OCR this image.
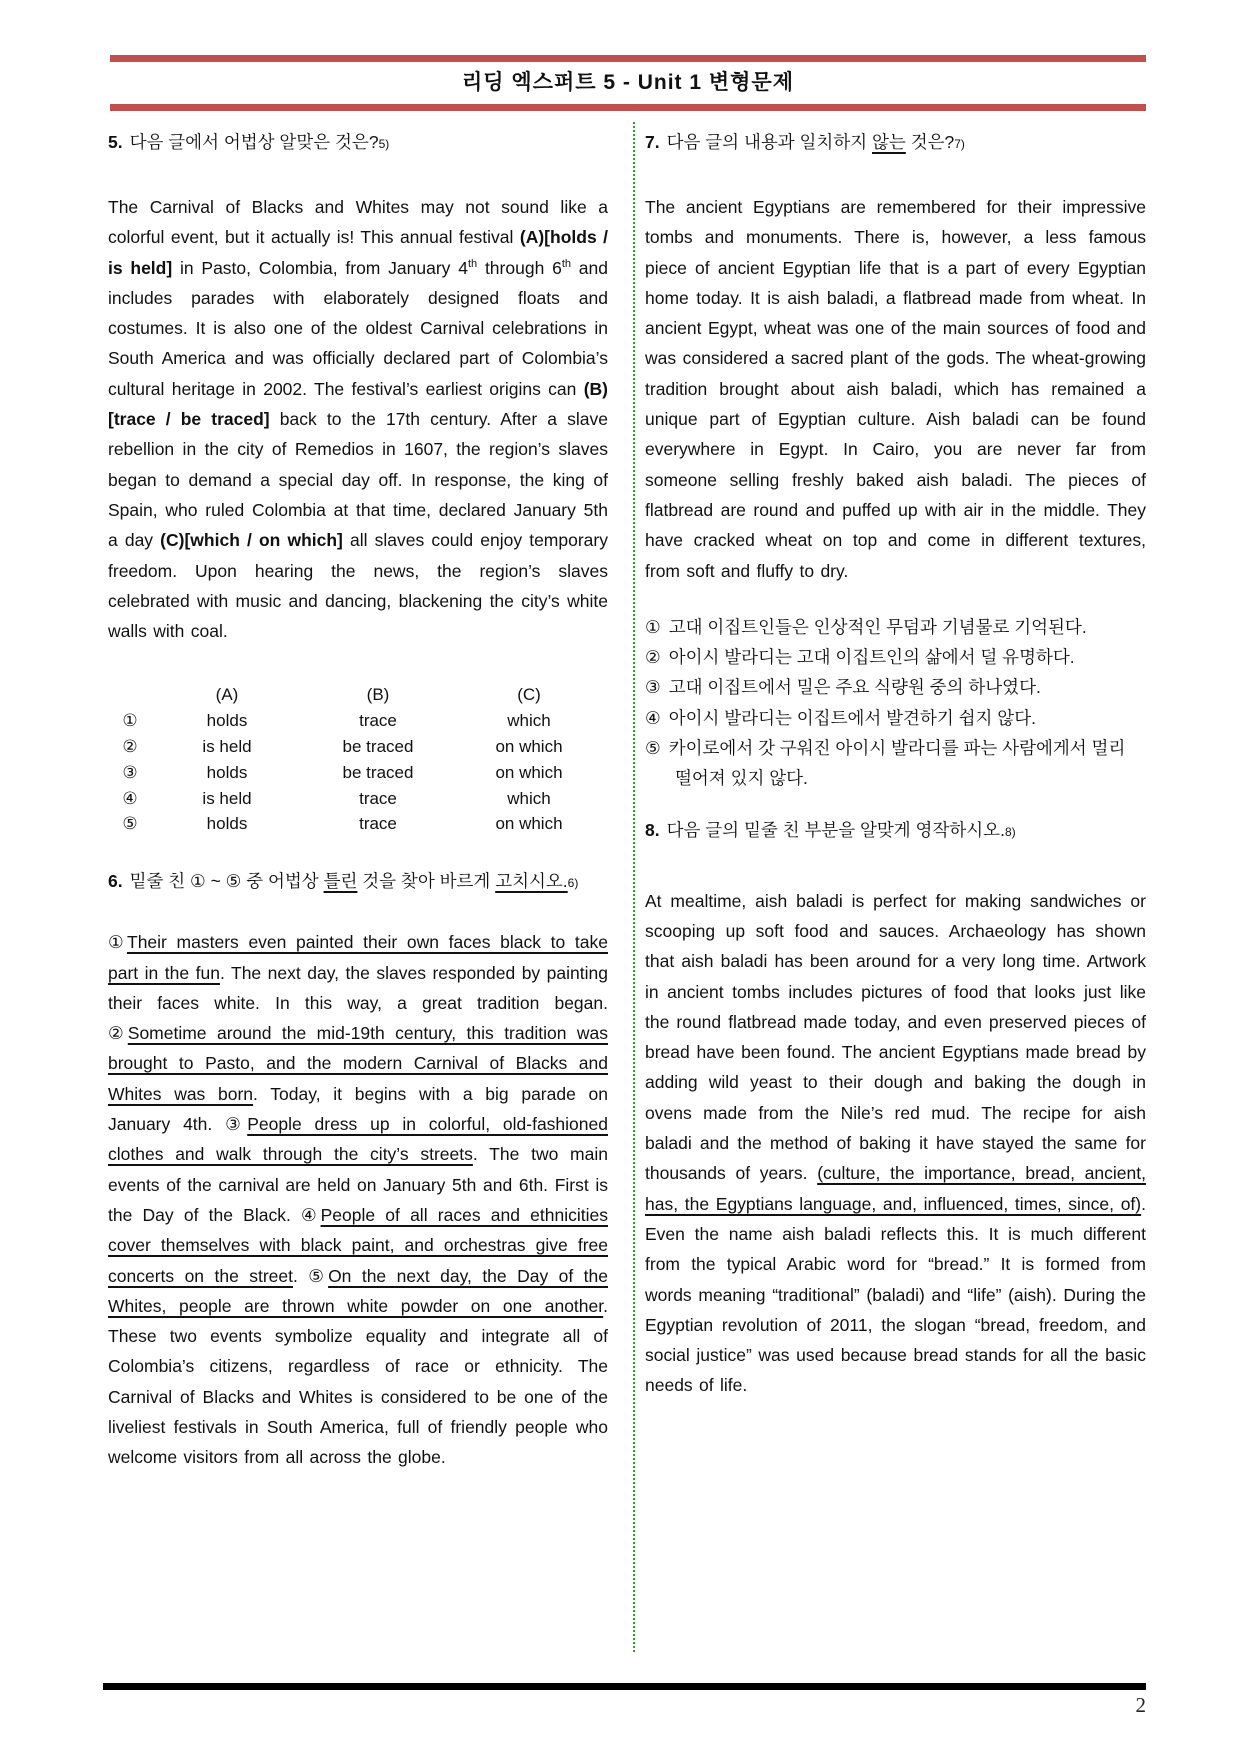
리딩 엑스퍼트 5 - Unit 1 변형문제
5. 다음 글에서 어법상 알맞은 것은?5)
The Carnival of Blacks and Whites may not sound like a colorful event, but it actually is! This annual festival (A)[holds / is held] in Pasto, Colombia, from January 4th through 6th and includes parades with elaborately designed floats and costumes. It is also one of the oldest Carnival celebrations in South America and was officially declared part of Colombia’s cultural heritage in 2002. The festival’s earliest origins can (B)[trace / be traced] back to the 17th century. After a slave rebellion in the city of Remedios in 1607, the region’s slaves began to demand a special day off. In response, the king of Spain, who ruled Colombia at that time, declared January 5th a day (C)[which / on which] all slaves could enjoy temporary freedom. Upon hearing the news, the region’s slaves celebrated with music and dancing, blackening the city’s white walls with coal.
(A)	(B)	(C)
①	holds	trace	which
②	is held	be traced	on which
③	holds	be traced	on which
④	is held	trace	which
⑤	holds	trace	on which
6. 밑줄 친 ① ~ ⑤ 중 어법상 틀린 것을 찾아 바르게 고치시오.6)
①Their masters even painted their own faces black to take part in the fun. The next day, the slaves responded by painting their faces white. In this way, a great tradition began. ②Sometime around the mid-19th century, this tradition was brought to Pasto, and the modern Carnival of Blacks and Whites was born. Today, it begins with a big parade on January 4th. ③People dress up in colorful, old-fashioned clothes and walk through the city’s streets. The two main events of the carnival are held on January 5th and 6th. First is the Day of the Black. ④People of all races and ethnicities cover themselves with black paint, and orchestras give free concerts on the street. ⑤On the next day, the Day of the Whites, people are thrown white powder on one another. These two events symbolize equality and integrate all of Colombia’s citizens, regardless of race or ethnicity. The Carnival of Blacks and Whites is considered to be one of the liveliest festivals in South America, full of friendly people who welcome visitors from all across the globe.
7. 다음 글의 내용과 일치하지 않는 것은?7)
The ancient Egyptians are remembered for their impressive tombs and monuments. There is, however, a less famous piece of ancient Egyptian life that is a part of every Egyptian home today. It is aish baladi, a flatbread made from wheat. In ancient Egypt, wheat was one of the main sources of food and was considered a sacred plant of the gods. The wheat-growing tradition brought about aish baladi, which has remained a unique part of Egyptian culture. Aish baladi can be found everywhere in Egypt. In Cairo, you are never far from someone selling freshly baked aish baladi. The pieces of flatbread are round and puffed up with air in the middle. They have cracked wheat on top and come in different textures, from soft and fluffy to dry.
① 고대 이집트인들은 인상적인 무덤과 기념물로 기억된다.
② 아이시 발라디는 고대 이집트인의 삶에서 덜 유명하다.
③ 고대 이집트에서 밀은 주요 식량원 중의 하나였다.
④ 아이시 발라디는 이집트에서 발견하기 쉽지 않다.
⑤ 카이로에서 갓 구워진 아이시 발라디를 파는 사람에게서 멀리 떨어져 있지 않다.
8. 다음 글의 밑줄 친 부분을 알맞게 영작하시오.8)
At mealtime, aish baladi is perfect for making sandwiches or scooping up soft food and sauces. Archaeology has shown that aish baladi has been around for a very long time. Artwork in ancient tombs includes pictures of food that looks just like the round flatbread made today, and even preserved pieces of bread have been found. The ancient Egyptians made bread by adding wild yeast to their dough and baking the dough in ovens made from the Nile’s red mud. The recipe for aish baladi and the method of baking it have stayed the same for thousands of years. (culture, the importance, bread, ancient, has, the Egyptians language, and, influenced, times, since, of). Even the name aish baladi reflects this. It is much different from the typical Arabic word for “bread.” It is formed from words meaning “traditional” (baladi) and “life” (aish). During the Egyptian revolution of 2011, the slogan “bread, freedom, and social justice” was used because bread stands for all the basic needs of life.
2
